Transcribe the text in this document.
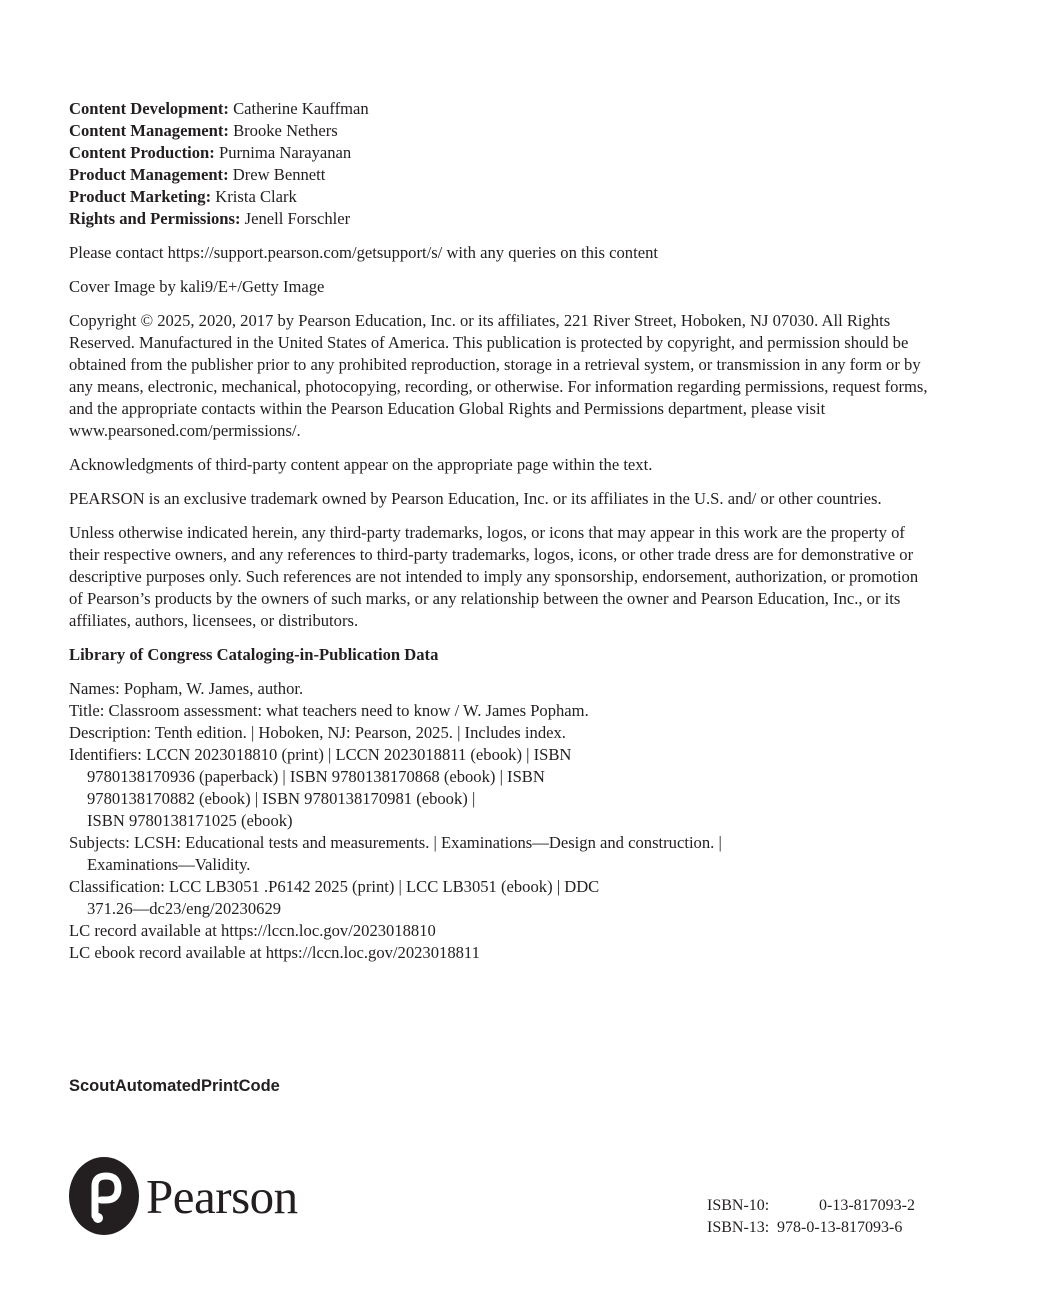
Content Development: Catherine Kauffman
Content Management: Brooke Nethers
Content Production: Purnima Narayanan
Product Management: Drew Bennett
Product Marketing: Krista Clark
Rights and Permissions: Jenell Forschler

Please contact https://support.pearson.com/getsupport/s/ with any queries on this content

Cover Image by kali9/E+/Getty Image

Copyright © 2025, 2020, 2017 by Pearson Education, Inc. or its affiliates, 221 River Street, Hoboken, NJ 07030. All Rights Reserved. Manufactured in the United States of America. This publication is protected by copyright, and permission should be obtained from the publisher prior to any prohibited reproduction, storage in a retrieval system, or transmission in any form or by any means, electronic, mechanical, photocopying, recording, or otherwise. For information regarding permissions, request forms, and the appropriate contacts within the Pearson Education Global Rights and Permissions department, please visit www.pearsoned.com/permissions/.

Acknowledgments of third-party content appear on the appropriate page within the text.

PEARSON is an exclusive trademark owned by Pearson Education, Inc. or its affiliates in the U.S. and/ or other countries.

Unless otherwise indicated herein, any third-party trademarks, logos, or icons that may appear in this work are the property of their respective owners, and any references to third-party trademarks, logos, icons, or other trade dress are for demonstrative or descriptive purposes only. Such references are not intended to imply any sponsorship, endorsement, authorization, or promotion of Pearson’s products by the owners of such marks, or any relationship between the owner and Pearson Education, Inc., or its affiliates, authors, licensees, or distributors.

Library of Congress Cataloging-in-Publication Data
Names: Popham, W. James, author.
Title: Classroom assessment: what teachers need to know / W. James Popham.
Description: Tenth edition. | Hoboken, NJ: Pearson, 2025. | Includes index.
Identifiers: LCCN 2023018810 (print) | LCCN 2023018811 (ebook) | ISBN
9780138170936 (paperback) | ISBN 9780138170868 (ebook) | ISBN
9780138170882 (ebook) | ISBN 9780138170981 (ebook) |
ISBN 9780138171025 (ebook)
Subjects: LCSH: Educational tests and measurements. | Examinations—Design and construction. |
Examinations—Validity.
Classification: LCC LB3051 .P6142 2025 (print) | LCC LB3051 (ebook) | DDC
371.26—dc23/eng/20230629
LC record available at https://lccn.loc.gov/2023018810
LC ebook record available at https://lccn.loc.gov/2023018811
ScoutAutomatedPrintCode
Pearson	ISBN-10:	0-13-817093-2
ISBN-13: 978-0-13-817093-6
